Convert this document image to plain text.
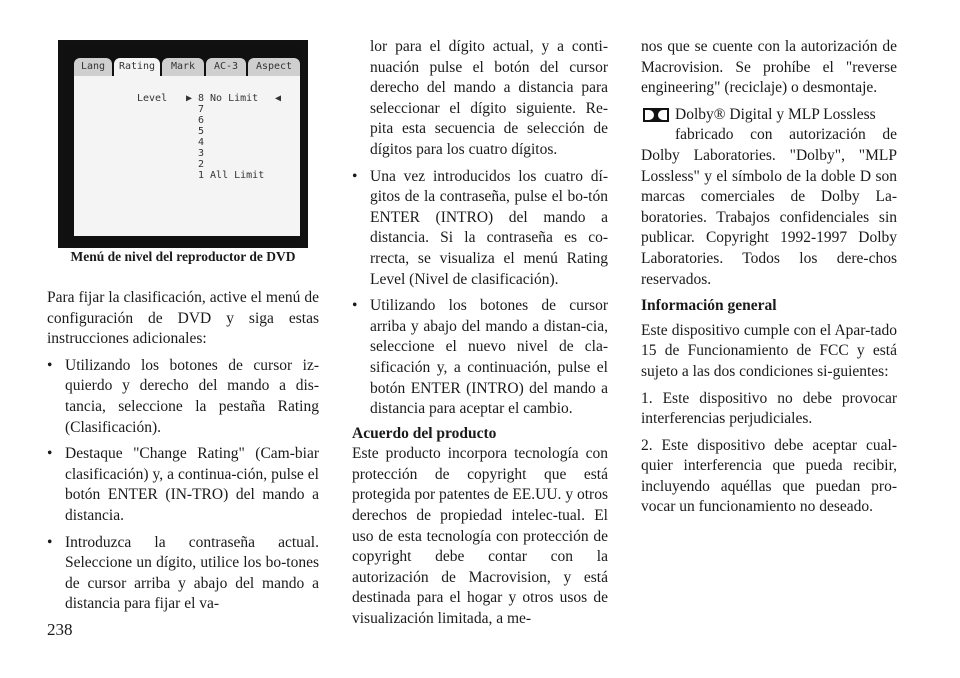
Lang	Rating	Mark	AC-3	Aspect
Level ▶ 8 No Limit
7
6
5
4
3
2
1 All Limit
◀
Menú de nivel del reproductor de DVD

Para fijar la clasificación, active el menú de configuración de DVD y siga estas instrucciones adicionales:

• Utilizando los botones de cursor iz-quierdo y derecho del mando a dis-tancia, seleccione la pestaña Rating (Clasificación).
• Destaque "Change Rating" (Cam-biar clasificación) y, a continua-ción, pulse el botón ENTER (IN-TRO) del mando a distancia.
• Introduzca la contraseña actual. Seleccione un dígito, utilice los bo-tones de cursor arriba y abajo del mando a distancia para fijar el va-

lor para el dígito actual, y a conti-nuación pulse el botón del cursor derecho del mando a distancia para seleccionar el dígito siguiente. Re-pita esta secuencia de selección de dígitos para los cuatro dígitos.

• Una vez introducidos los cuatro dí-gitos de la contraseña, pulse el bo-tón ENTER (INTRO) del mando a distancia. Si la contraseña es co-rrecta, se visualiza el menú Rating Level (Nivel de clasificación).
• Utilizando los botones de cursor arriba y abajo del mando a distan-cia, seleccione el nuevo nivel de cla-sificación y, a continuación, pulse el botón ENTER (INTRO) del mando a distancia para aceptar el cambio.
Acuerdo del producto

Este producto incorpora tecnología con protección de copyright que está protegida por patentes de EE.UU. y otros derechos de propiedad intelec-tual. El uso de esta tecnología con protección de copyright debe contar con la autorización de Macrovision, y está destinada para el hogar y otros usos de visualización limitada, a me-

nos que se cuente con la autorización de Macrovision. Se prohíbe el "reverse engineering" (reciclaje) o desmontaje.

Dolby® Digital y MLP Lossless

fabricado con autorización de Dolby Laboratories. "Dolby", "MLP Lossless" y el símbolo de la doble D son marcas comerciales de Dolby La-boratories. Trabajos confidenciales sin publicar. Copyright 1992-1997 Dolby Laboratories. Todos los dere-chos reservados.

Información general

Este dispositivo cumple con el Apar-tado 15 de Funcionamiento de FCC y está sujeto a las dos condiciones si-guientes:

1. Este dispositivo no debe provocar interferencias perjudiciales.

2. Este dispositivo debe aceptar cual-quier interferencia que pueda recibir, incluyendo aquéllas que puedan pro-vocar un funcionamiento no deseado.

238
